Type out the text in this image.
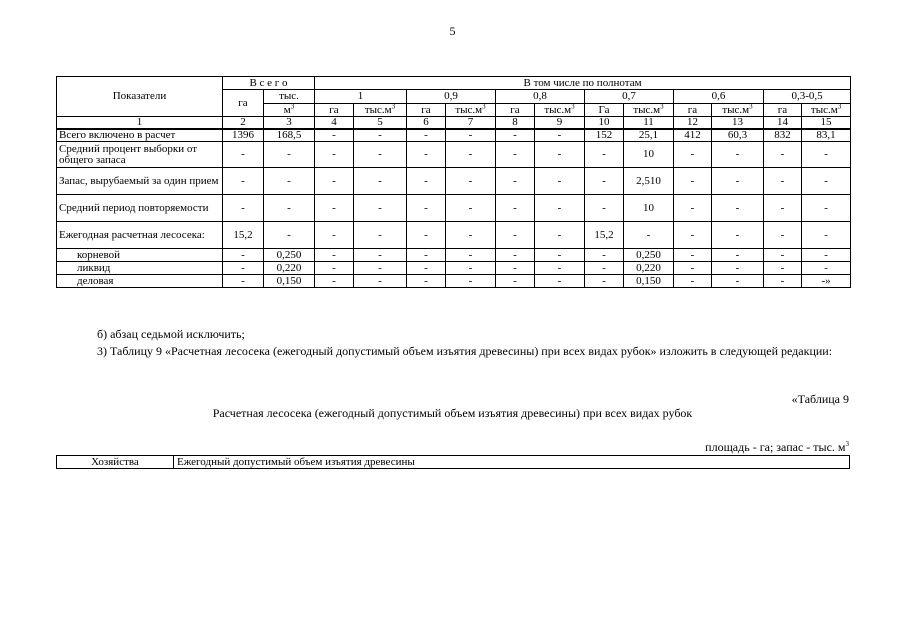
5
Показатели	В с е г о		В том числе по полнотам											
	га	тыс.	1		0,9		0,8		0,7		0,6		0,3-0,5	
		$м^3$	га	$тыс.м^3$	га	$тыс.м^3$	га	$тыс.м^3$	Га	$тыс.м^3$	га	$тыс.м^3$	га	$тыс.м^3$
1	2	3	4	5	6	7	8	9	10	11	12	13	14	15
Всего включено в расчет	1396	168,5	-	-	-	-	-	-	152	25,1	412	60,3	832	83,1
Средний процент выборки от общего запаса	-	-	-	-	-	-	-	-	-	10	-	-	-	-
Запас, вырубаемый за один прием	-	-	-	-	-	-	-	-	-	2,510	-	-	-	-
Средний период повторяемости	-	-	-	-	-	-	-	-	-	10	-	-	-	-
Ежегодная расчетная лесосека:	15,2	-	-	-	-	-	-	-	15,2	-	-	-	-	-
корневой	-	0,250	-	-	-	-	-	-	-	0,250	-	-	-	-
ликвид	-	0,220	-	-	-	-	-	-	-	0,220	-	-	-	-
деловая	-	0,150	-	-	-	-	-	-	-	0,150	-	-	-	-»
б) абзац седьмой исключить;
3) Таблицу 9 «Расчетная лесосека (ежегодный допустимый объем изъятия древесины) при всех видах рубок» изложить в следующей редакции:
«Таблица 9
Расчетная лесосека (ежегодный допустимый объем изъятия древесины) при всех видах рубок
площадь - га; запас - тыс. $м^3$
Хозяйства	Ежегодный допустимый объем изъятия древесины
